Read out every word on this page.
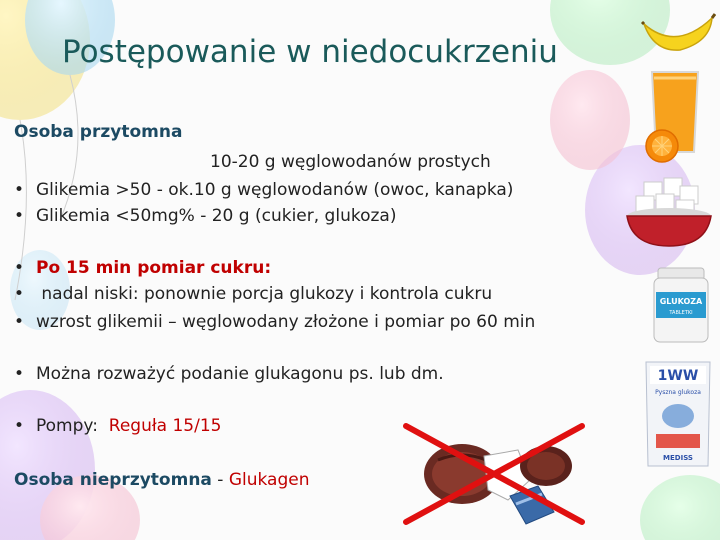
Postępowanie w niedocukrzeniu
Osoba przytomna
10-20 g węglowodanów prostych
• Glikemia >50 - ok.10 g węglowodanów (owoc, kanapka)
• Glikemia <50mg% - 20 g (cukier, glukoza)
• Po 15 min pomiar cukru:
• nadal niski: ponownie porcja glukozy i kontrola cukru
• wzrost glikemii – węglowodany złożone i pomiar po 60 min
• Można rozważyć podanie glukagonu ps. lub dm.
• Pompy: Reguła 15/15
Osoba nieprzytomna - Glukagen
GLUKOZA
TABLETKI
1WW
Pyszna glukoza
MEDISS
